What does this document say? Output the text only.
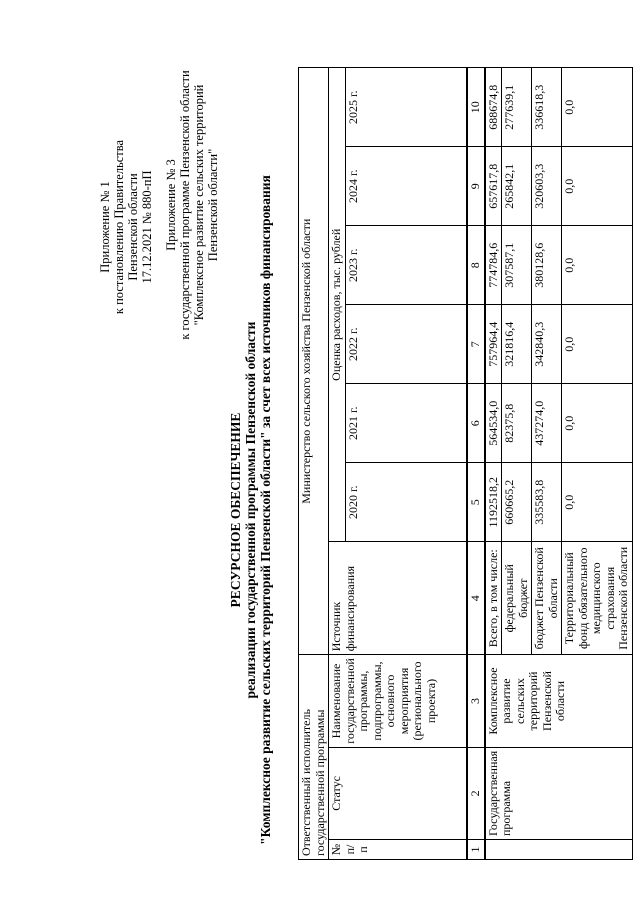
Приложение № 1 к постановлению Правительства Пензенской области 17.12.2021 № 880-пП Приложение № 3 к государственной программе Пензенской области "Комплексное развитие сельских территорий Пензенской области"
РЕСУРСНОЕ ОБЕСПЕЧЕНИЕ реализации государственной программы Пензенской области "Комплексное развитие сельских территорий Пензенской области" за счет всех источников финансирования Ответственный исполнитель государственной программы			Министерство сельского хозяйства Пензенской области						
№ п/п	Статус	Наименование государственной программы, подпрограммы, основного мероприятия (регионального проекта)	Источник финансирования	Оценка расходов, тыс. рублей					
				2020 г.	2021 г.	2022 г.	2023 г.	2024 г.	2025 г.
1	2	3	4	5	6	7	8	9	10
	Государственная программа	Комплексное развитие сельских территорий Пензенской области	Всего, в том числе:	1192518,2	564534,0	757964,4	774784,6	657617,8	688674,8
			федеральный бюджет	660665,2	82375,8	321816,4	307587,1	265842,1	277639,1
			бюджет Пензенской области	335583,8	437274,0	342840,3	380128,6	320603,3	336618,3
			Территориальный фонд обязательного медицинского страхования Пензенской области	0,0	0,0	0,0	0,0	0,0	0,0
